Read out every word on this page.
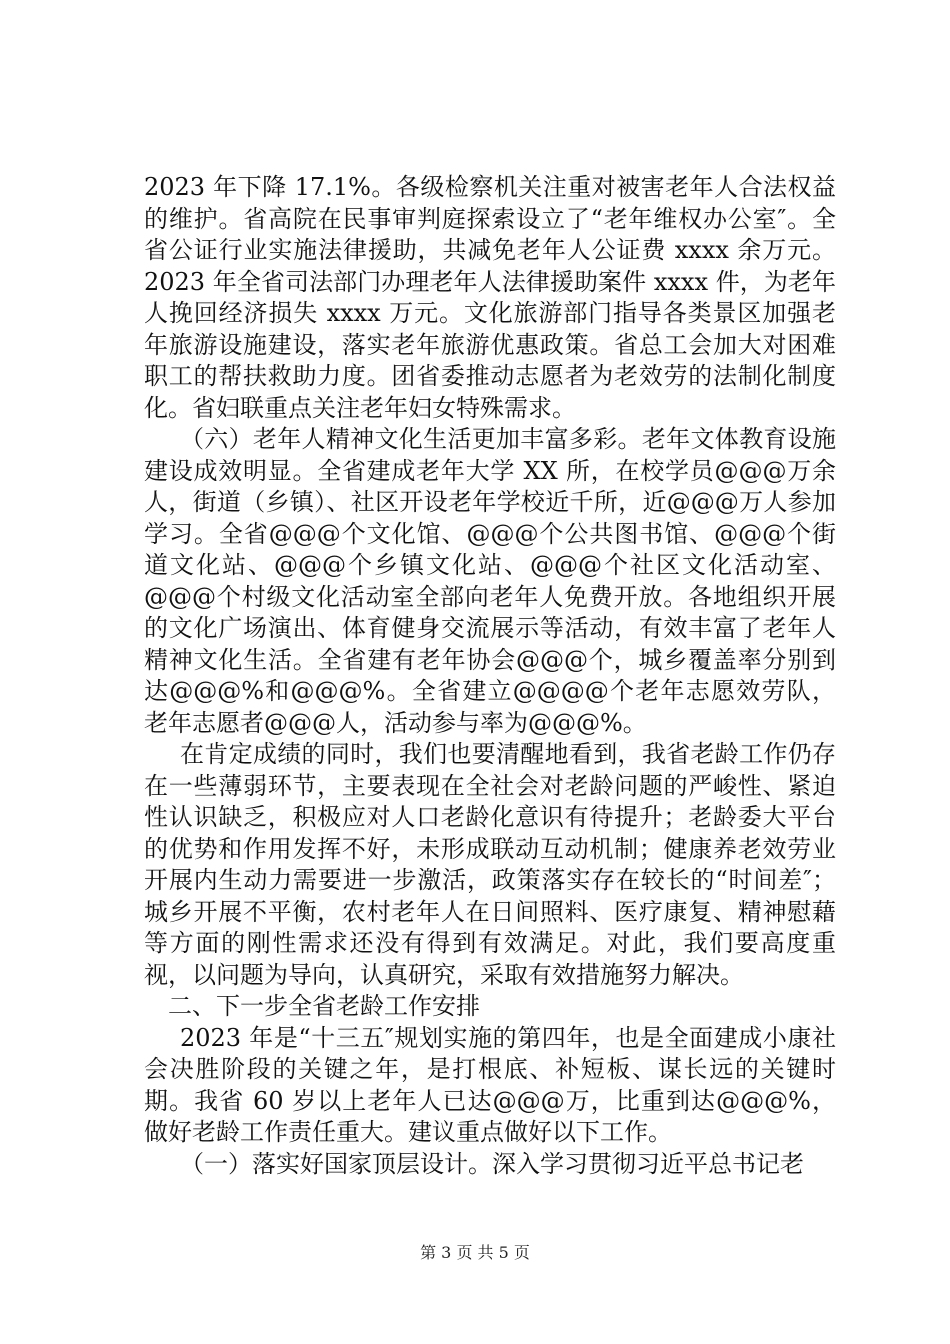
2023 年下降 17.1%。各级检察机关注重对被害老年人合法权益的维护。省高院在民事审判庭探索设立了“老年维权办公室″。全省公证行业实施法律援助，共减免老年人公证费 xxxx 余万元。2023 年全省司法部门办理老年人法律援助案件 xxxx 件，为老年人挽回经济损失 xxxx 万元。文化旅游部门指导各类景区加强老年旅游设施建设，落实老年旅游优惠政策。省总工会加大对困难职工的帮扶救助力度。团省委推动志愿者为老效劳的法制化制度化。省妇联重点关注老年妇女特殊需求。

（六）老年人精神文化生活更加丰富多彩。老年文体教育设施建设成效明显。全省建成老年大学 XX 所，在校学员@@@万余人，街道（乡镇）、社区开设老年学校近千所，近@@@万人参加学习。全省@@@个文化馆、@@@个公共图书馆、@@@个街道文化站、@@@个乡镇文化站、@@@个社区文化活动室、@@@个村级文化活动室全部向老年人免费开放。各地组织开展的文化广场演出、体育健身交流展示等活动，有效丰富了老年人精神文化生活。全省建有老年协会@@@个，城乡覆盖率分别到达@@@%和@@@%。全省建立@@@@个老年志愿效劳队，老年志愿者@@@人，活动参与率为@@@%。

在肯定成绩的同时，我们也要清醒地看到，我省老龄工作仍存在一些薄弱环节，主要表现在全社会对老龄问题的严峻性、紧迫性认识缺乏，积极应对人口老龄化意识有待提升；老龄委大平台的优势和作用发挥不好，未形成联动互动机制；健康养老效劳业开展内生动力需要进一步激活，政策落实存在较长的“时间差″；城乡开展不平衡，农村老年人在日间照料、医疗康复、精神慰藉等方面的刚性需求还没有得到有效满足。对此，我们要高度重视，以问题为导向，认真研究，采取有效措施努力解决。

二、下一步全省老龄工作安排

2023 年是“十三五″规划实施的第四年，也是全面建成小康社会决胜阶段的关键之年，是打根底、补短板、谋长远的关键时期。我省 60 岁以上老年人已达@@@万，比重到达@@@%，做好老龄工作责任重大。建议重点做好以下工作。

（一）落实好国家顶层设计。深入学习贯彻习近平总书记老

第 3 页 共 5 页
